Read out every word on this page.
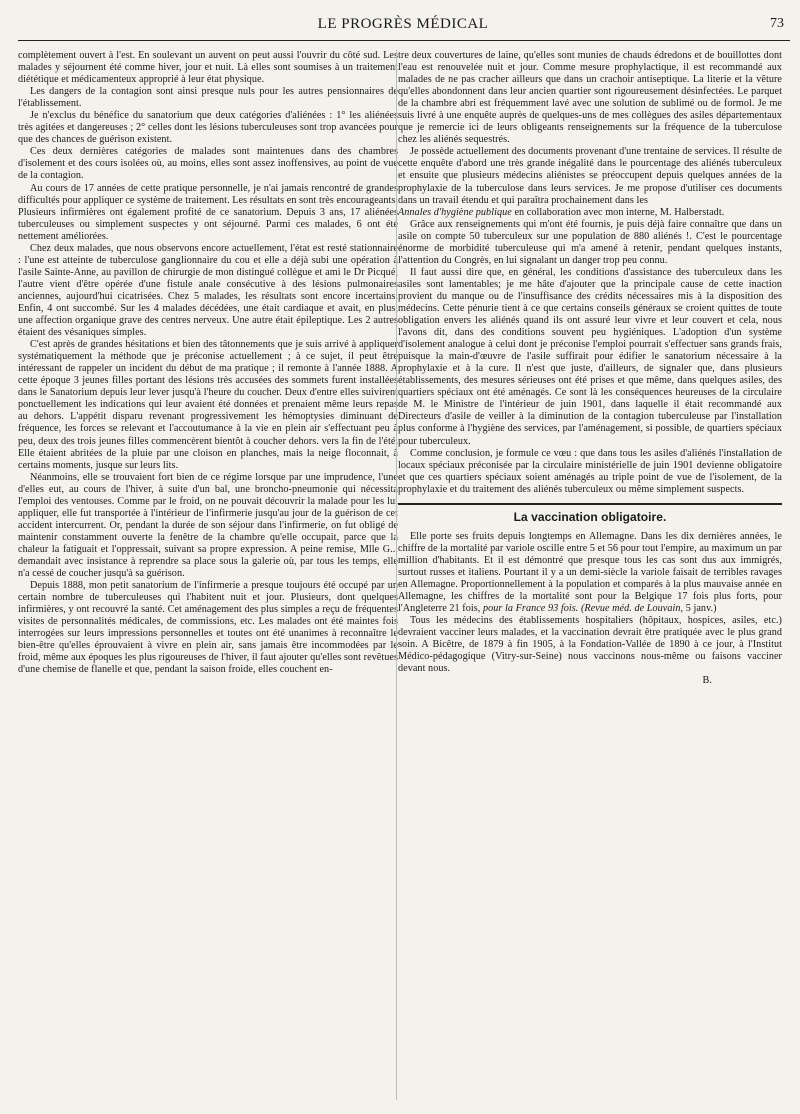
LE PROGRÈS MÉDICAL	73

complètement ouvert à l'est. En soulevant un auvent on peut aussi l'ouvrir du côté sud. Les malades y séjournent été comme hiver, jour et nuit. Là elles sont soumises à un traitement diététique et médicamenteux approprié à leur état physique.

Les dangers de la contagion sont ainsi presque nuls pour les autres pensionnaires de l'établissement.

Je n'exclus du bénéfice du sanatorium que deux catégories d'aliénées : 1° les aliénées très agitées et dangereuses ; 2° celles dont les lésions tuberculeuses sont trop avancées pour que des chances de guérison existent.

Ces deux dernières catégories de malades sont maintenues dans des chambres d'isolement et des cours isolées où, au moins, elles sont assez inoffensives, au point de vue de la contagion.

Au cours de 17 années de cette pratique personnelle, je n'ai jamais rencontré de grandes difficultés pour appliquer ce système de traitement. Les résultats en sont très encourageants. Plusieurs infirmières ont également profité de ce sanatorium. Depuis 3 ans, 17 aliénées tuberculeuses ou simplement suspectes y ont séjourné. Parmi ces malades, 6 ont été nettement améliorées.

Chez deux malades, que nous observons encore actuellement, l'état est resté stationnaire : l'une est atteinte de tuberculose ganglionnaire du cou et elle a déjà subi une opération à l'asile Sainte-Anne, au pavillon de chirurgie de mon distingué collègue et ami le Dr Picqué, l'autre vient d'être opérée d'une fistule anale consécutive à des lésions pulmonaires anciennes, aujourd'hui cicatrisées. Chez 5 malades, les résultats sont encore incertains. Enfin, 4 ont succombé. Sur les 4 malades décédées, une était cardiaque et avait, en plus, une affection organique grave des centres nerveux. Une autre était épileptique. Les 2 autres étaient des vésaniques simples.

C'est après de grandes hésitations et bien des tâtonnements que je suis arrivé à appliquer systématiquement la méthode que je préconise actuellement ; à ce sujet, il peut être intéressant de rappeler un incident du début de ma pratique ; il remonte à l'année 1888. A cette époque 3 jeunes filles portant des lésions très accusées des sommets furent installées dans le Sanatorium depuis leur lever jusqu'à l'heure du coucher. Deux d'entre elles suivirent ponctuellement les indications qui leur avaient été données et prenaient même leurs repas au dehors. L'appétit disparu revenant progressivement les hémoptysies diminuant de fréquence, les forces se relevant et l'accoutumance à la vie en plein air s'effectuant peu à peu, deux des trois jeunes filles commencèrent bientôt à coucher dehors. vers la fin de l'été. Elle étaient abritées de la pluie par une cloison en planches, mais la neige floconnait, à certains moments, jusque sur leurs lits.

Néanmoins, elle se trouvaient fort bien de ce régime lorsque par une imprudence, l'une d'elles eut, au cours de l'hiver, à suite d'un bal, une broncho-pneumonie qui nécessita l'emploi des ventouses. Comme par le froid, on ne pouvait découvrir la malade pour les lui appliquer, elle fut transportée à l'intérieur de l'infirmerie jusqu'au jour de la guérison de cet accident intercurrent. Or, pendant la durée de son séjour dans l'infirmerie, on fut obligé de maintenir constamment ouverte la fenêtre de la chambre qu'elle occupait, parce que la chaleur la fatiguait et l'oppressait, suivant sa propre expression. A peine remise, Mlle G... demandait avec insistance à reprendre sa place sous la galerie où, par tous les temps, elle n'a cessé de coucher jusqu'à sa guérison.

Depuis 1888, mon petit sanatorium de l'infirmerie a presque toujours été occupé par un certain nombre de tuberculeuses qui l'habitent nuit et jour. Plusieurs, dont quelques infirmières, y ont recouvré la santé. Cet aménagement des plus simples a reçu de fréquentes visites de personnalités médicales, de commissions, etc. Les malades ont été maintes fois interrogées sur leurs impressions personnelles et toutes ont été unanimes à reconnaître le bien-être qu'elles éprouvaient à vivre en plein air, sans jamais être incommodées par le froid, même aux époques les plus rigoureuses de l'hiver, il faut ajouter qu'elles sont revêtues d'une chemise de flanelle et que, pendant la saison froide, elles couchent en-

tre deux couvertures de laine, qu'elles sont munies de chauds édredons et de bouillottes dont l'eau est renouvelée nuit et jour. Comme mesure prophylactique, il est recommandé aux malades de ne pas cracher ailleurs que dans un crachoir antiseptique. La literie et la vêture qu'elles abondonnent dans leur ancien quartier sont rigoureusement désinfectées. Le parquet de la chambre abri est fréquemment lavé avec une solution de sublimé ou de formol. Je me suis livré à une enquête auprès de quelques-uns de mes collègues des asiles départementaux que je remercie ici de leurs obligeants renseignements sur la fréquence de la tuberculose chez les aliénés sequestrés.

Je possède actuellement des documents provenant d'une trentaine de services. Il résulte de cette enquête d'abord une très grande inégalité dans le pourcentage des aliénés tuberculeux et ensuite que plusieurs médecins aliénistes se préoccupent depuis quelques années de la prophylaxie de la tuberculose dans leurs services. Je me propose d'utiliser ces documents dans un travail étendu et qui paraîtra prochainement dans les

Annales d'hygiène publique en collaboration avec mon interne, M. Halberstadt.

Grâce aux renseignements qui m'ont été fournis, je puis déjà faire connaître que dans un asile on compte 50 tuberculeux sur une population de 880 aliénés !. C'est le pourcentage énorme de morbidité tuberculeuse qui m'a amené à retenir, pendant quelques instants, l'attention du Congrès, en lui signalant un danger trop peu connu.

Il faut aussi dire que, en général, les conditions d'assistance des tuberculeux dans les asiles sont lamentables; je me hâte d'ajouter que la principale cause de cette inaction provient du manque ou de l'insuffisance des crédits nécessaires mis à la disposition des médecins. Cette pénurie tient à ce que certains conseils généraux se croient quittes de toute obligation envers les aliénés quand ils ont assuré leur vivre et leur couvert et cela, nous l'avons dit, dans des conditions souvent peu hygiéniques. L'adoption d'un système d'isolement analogue à celui dont je préconise l'emploi pourrait s'effectuer sans grands frais, puisque la main-d'œuvre de l'asile suffirait pour édifier le sanatorium nécessaire à la prophylaxie et à la cure. Il n'est que juste, d'ailleurs, de signaler que, dans plusieurs établissements, des mesures sérieuses ont été prises et que même, dans quelques asiles, des quartiers spéciaux ont été aménagés. Ce sont là les conséquences heureuses de la circulaire de M. le Ministre de l'intérieur de juin 1901, dans laquelle il était recommandé aux Directeurs d'asile de veiller à la diminution de la contagion tuberculeuse par l'installation plus conforme à l'hygiène des services, par l'aménagement, si possible, de quartiers spéciaux pour tuberculeux.

Comme conclusion, je formule ce vœu : que dans tous les asiles d'aliénés l'installation de locaux spéciaux préconisée par la circulaire ministérielle de juin 1901 devienne obligatoire et que ces quartiers spéciaux soient aménagés au triple point de vue de l'isolement, de la prophylaxie et du traitement des aliénés tuberculeux ou même simplement suspects.

La vaccination obligatoire.

Elle porte ses fruits depuis longtemps en Allemagne. Dans les dix dernières années, le chiffre de la mortalité par variole oscille entre 5 et 56 pour tout l'empire, au maximum un par million d'habitants. Et il est démontré que presque tous les cas sont dus aux immigrés, surtout russes et italiens. Pourtant il y a un demi-siècle la variole faisait de terribles ravages en Allemagne. Proportionnellement à la population et comparés à la plus mauvaise année en Allemagne, les chiffres de la mortalité sont pour la Belgique 17 fois plus forts, pour l'Angleterre 21 fois, pour la France 93 fois. (Revue méd. de Louvain, 5 janv.)

Tous les médecins des établissements hospitaliers (hôpitaux, hospices, asiles, etc.) devraient vacciner leurs malades, et la vaccination devrait être pratiquée avec le plus grand soin. A Bicêtre, de 1879 à fin 1905, à la Fondation-Vallée de 1890 à ce jour, à l'Institut Médico-pédagogique (Vitry-sur-Seine) nous vaccinons nous-même ou faisons vacciner devant nous.

B.
